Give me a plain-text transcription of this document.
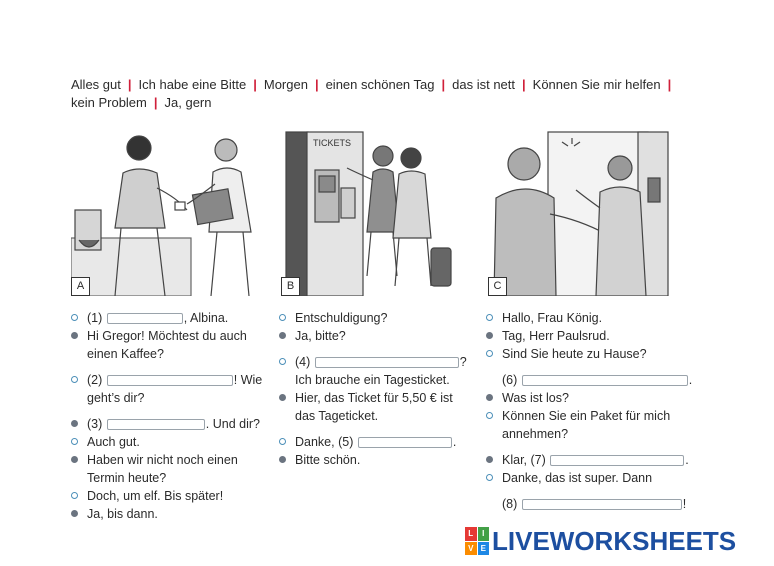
Alles gut | Ich habe eine Bitte | Morgen | einen schönen Tag | das ist nett | Können Sie mir helfen |
kein Problem | Ja, gern
A
TICKETS
B	C
(1)	, Albina.
Hi Gregor! Möchtest du auch
einen Kaffee?
(2)	! Wie
geht’s dir?
(3)	. Und dir?
Auch gut.
Haben wir nicht noch einen
Termin heute?
Doch, um elf. Bis später!
Ja, bis dann.
Entschuldigung?
Ja, bitte?
(4)	?
Ich brauche ein Tagesticket.
Hier, das Ticket für 5,50 € ist
das Tageticket.
Danke, (5)	.
Bitte schön.
Hallo, Frau König.
Tag, Herr Paulsrud.
Sind Sie heute zu Hause?
(6)	.
Was ist los?
Können Sie ein Paket für mich
annehmen?
Klar, (7)	.
Danke, das ist super. Dann
(8)	!
L	I
V E LIVEWORKSHEETS
